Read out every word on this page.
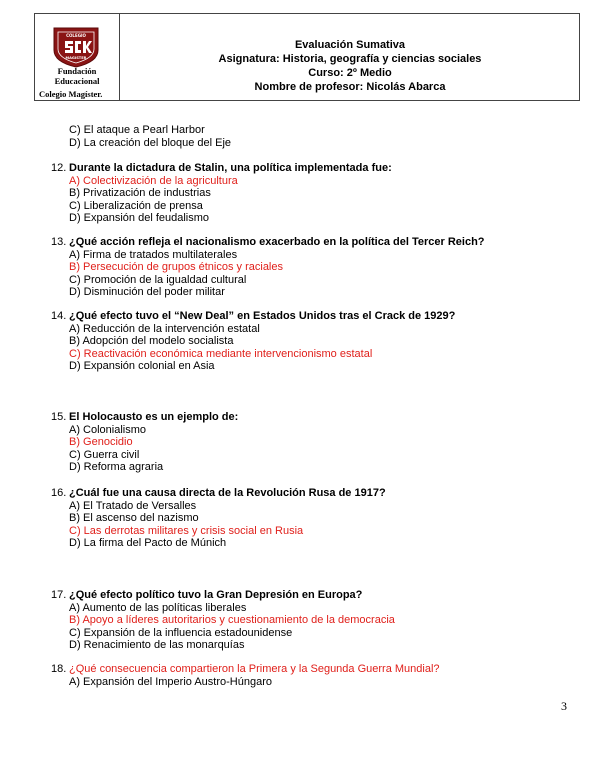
COLEGIO
MAGISTER
Fundación
Educacional
Colegio Magíster.
Evaluación Sumativa
Asignatura: Historia, geografía y ciencias sociales
Curso: 2º Medio
Nombre de profesor: Nicolás Abarca
C) El ataque a Pearl Harbor
D) La creación del bloque del Eje
12. Durante la dictadura de Stalin, una política implementada fue:
A) Colectivización de la agricultura
B) Privatización de industrias
C) Liberalización de prensa
D) Expansión del feudalismo
13. ¿Qué acción refleja el nacionalismo exacerbado en la política del Tercer Reich?
A) Firma de tratados multilaterales
B) Persecución de grupos étnicos y raciales
C) Promoción de la igualdad cultural
D) Disminución del poder militar
14. ¿Qué efecto tuvo el “New Deal” en Estados Unidos tras el Crack de 1929?
A) Reducción de la intervención estatal
B) Adopción del modelo socialista
C) Reactivación económica mediante intervencionismo estatal
D) Expansión colonial en Asia
15. El Holocausto es un ejemplo de:
A) Colonialismo
B) Genocidio
C) Guerra civil
D) Reforma agraria
16. ¿Cuál fue una causa directa de la Revolución Rusa de 1917?
A) El Tratado de Versalles
B) El ascenso del nazismo
C) Las derrotas militares y crisis social en Rusia
D) La firma del Pacto de Múnich
17. ¿Qué efecto político tuvo la Gran Depresión en Europa?
A) Aumento de las políticas liberales
B) Apoyo a líderes autoritarios y cuestionamiento de la democracia
C) Expansión de la influencia estadounidense
D) Renacimiento de las monarquías
18. ¿Qué consecuencia compartieron la Primera y la Segunda Guerra Mundial?
A) Expansión del Imperio Austro-Húngaro
3
